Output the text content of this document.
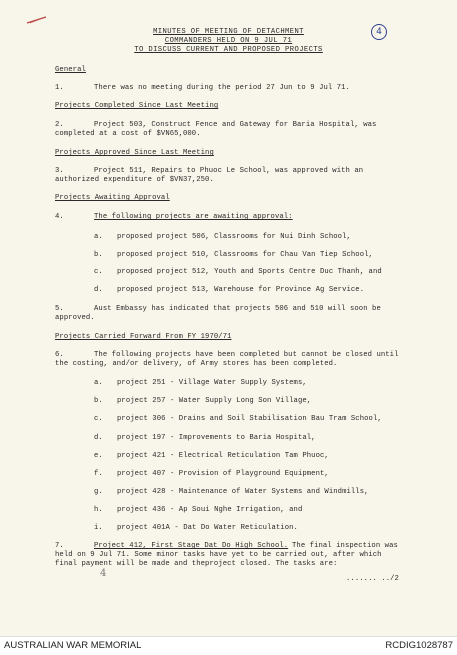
4
MINUTES OF MEETING OF DETACHMENT
COMMANDERS HELD ON 9 JUL 71
TO DISCUSS CURRENT AND PROPOSED PROJECTS
General
1.	There was no meeting during the period 27 Jun to 9 Jul 71.
Projects Completed Since Last Meeting
2.	Project 503, Construct Fence and Gateway for Baria Hospital, was
completed at a cost of $VN65,000.
Projects Approved Since Last Meeting
3.	Project 511, Repairs to Phuoc Le School, was approved with an
authorized expenditure of $VN37,250.
Projects Awaiting Approval
4.	The following projects are awaiting approval:
a. proposed project 506, Classrooms for Nui Dinh School,
b. proposed project 510, Classrooms for Chau Van Tiep School,
c. proposed project 512, Youth and Sports Centre Duc Thanh, and
d. proposed project 513, Warehouse for Province Ag Service.
5.	Aust Embassy has indicated that projects 506 and 510 will soon be
approved.
Projects Carried Forward From FY 1970/71
6.	The following projects have been completed but cannot be closed until
the costing, and/or delivery, of Army stores has been completed.
a. project 251 - Village Water Supply Systems,
b. project 257 - Water Supply Long Son Village,
c. project 306 - Drains and Soil Stabilisation Bau Tram School,
d. project 197 - Improvements to Baria Hospital,
e. project 421 - Electrical Reticulation Tam Phuoc,
f. project 407 - Provision of Playground Equipment,
g. project 428 - Maintenance of Water Systems and Windmills,
h. project 436 - Ap Soui Nghe Irrigation, and
i. project 401A - Dat Do Water Reticulation.
7.	Project 412, First Stage Dat Do High School. The final inspection was
held on 9 Jul 71. Some minor tasks have yet to be carried out, after which
final payment will be made and theproject closed. The tasks are:
4	....... ../2
AUSTRALIAN WAR MEMORIAL	RCDIG1028787
